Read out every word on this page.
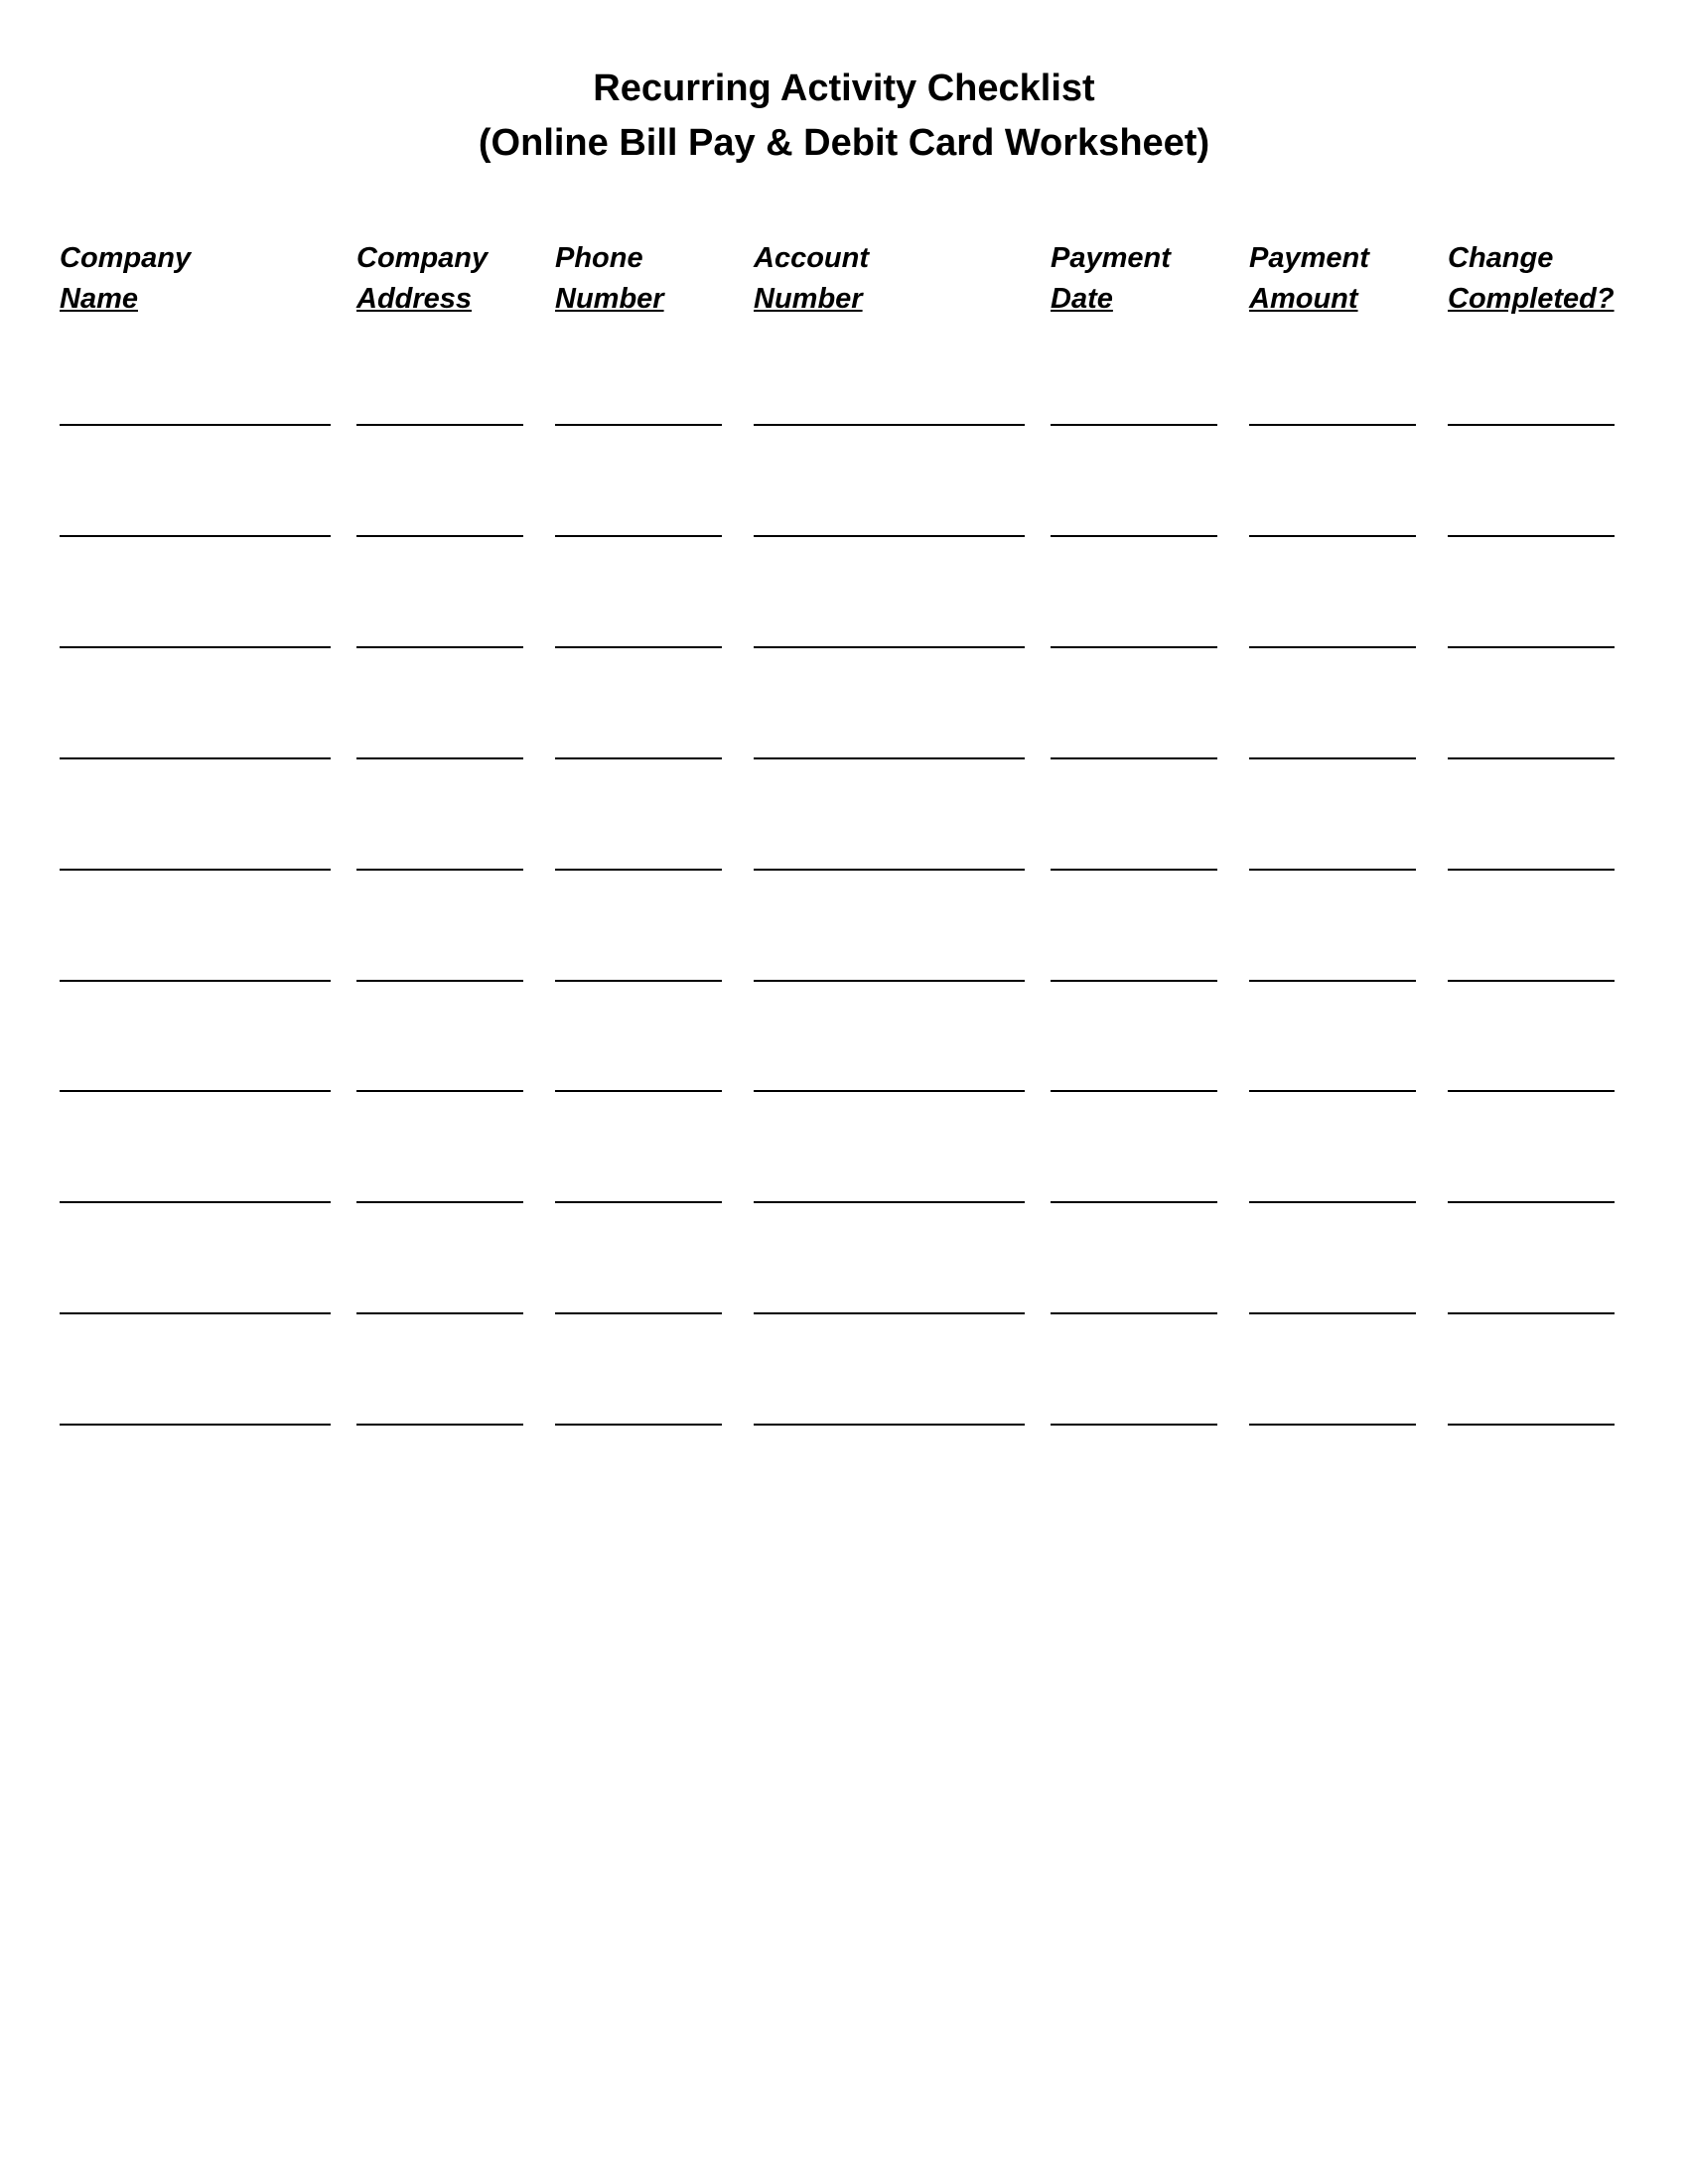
Recurring Activity Checklist
(Online Bill Pay & Debit Card Worksheet)
Company
Name
Company
Address
Phone
Number
Account
Number
Payment
Date
Payment
Amount
Change
Completed?
